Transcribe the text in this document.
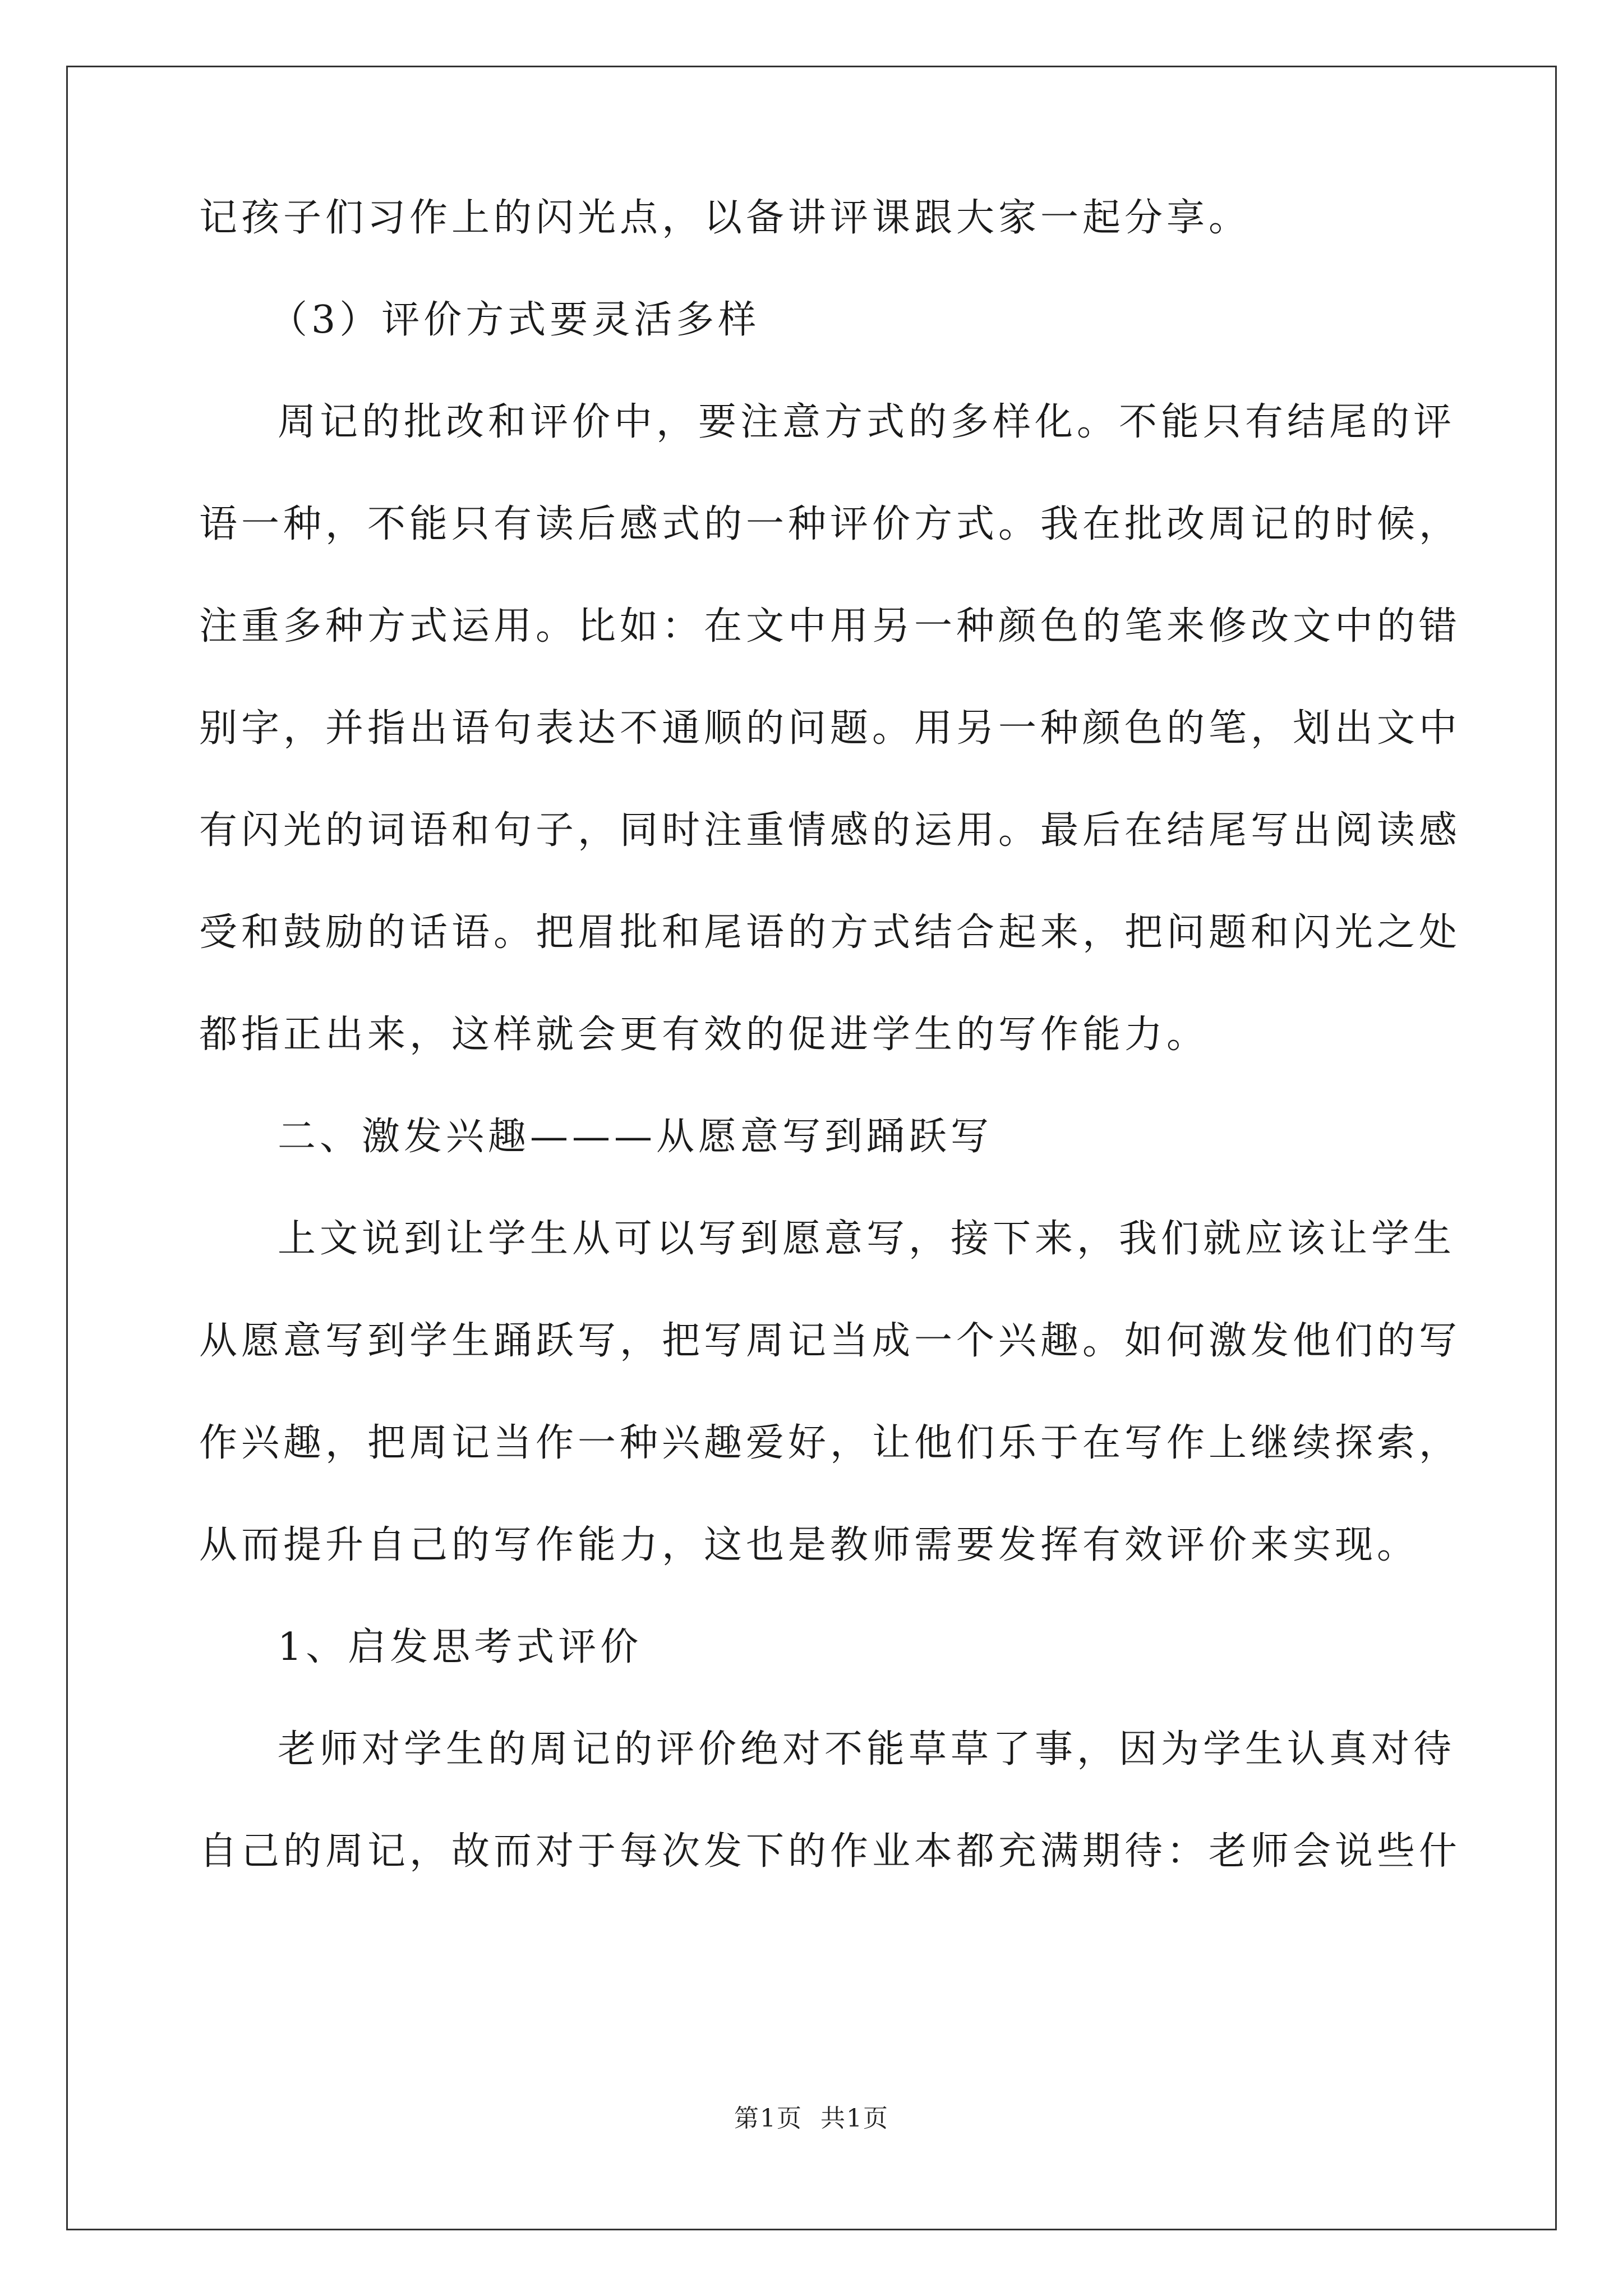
记孩子们习作上的闪光点，以备讲评课跟大家一起分享。
（3）评价方式要灵活多样
周记的批改和评价中，要注意方式的多样化。不能只有结尾的评
语一种，不能只有读后感式的一种评价方式。我在批改周记的时候，
注重多种方式运用。比如：在文中用另一种颜色的笔来修改文中的错
别字，并指出语句表达不通顺的问题。用另一种颜色的笔，划出文中
有闪光的词语和句子，同时注重情感的运用。最后在结尾写出阅读感
受和鼓励的话语。把眉批和尾语的方式结合起来，把问题和闪光之处
都指正出来，这样就会更有效的促进学生的写作能力。
二、激发兴趣———从愿意写到踊跃写
上文说到让学生从可以写到愿意写，接下来，我们就应该让学生
从愿意写到学生踊跃写，把写周记当成一个兴趣。如何激发他们的写
作兴趣，把周记当作一种兴趣爱好，让他们乐于在写作上继续探索，
从而提升自己的写作能力，这也是教师需要发挥有效评价来实现。
1、启发思考式评价
老师对学生的周记的评价绝对不能草草了事，因为学生认真对待
自己的周记，故而对于每次发下的作业本都充满期待：老师会说些什
第1页  共1页
